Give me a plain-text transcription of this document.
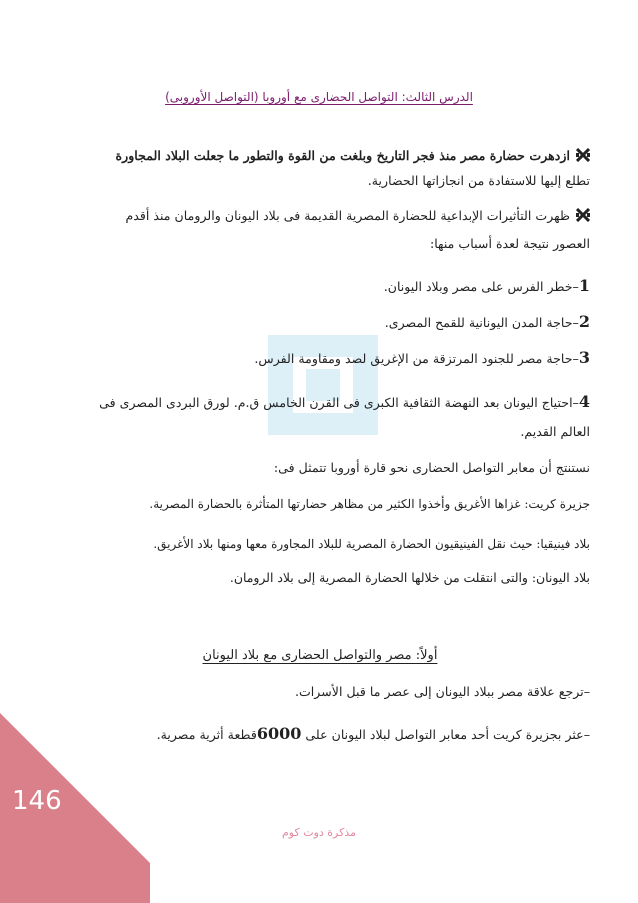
الدرس الثالث: التواصل الحضارى مع أوروبا (التواصل الأوروبى)
ازدهرت حضارة مصر منذ فجر التاريخ وبلغت من القوة والتطور ما جعلت البلاد المجاورة
تطلع إليها للاستفادة من انجازاتها الحضارية.
ظهرت التأثيرات الإبداعية للحضارة المصرية القديمة فى بلاد اليونان والرومان منذ أقدم
العصور نتيجة لعدة أسباب منها:
1–خطر الفرس على مصر وبلاد اليونان.
2–حاجة المدن اليونانية للقمح المصرى.
3–حاجة مصر للجنود المرتزقة من الإغريق لصد ومقاومة الفرس.
4–احتياج اليونان بعد النهضة الثقافية الكبرى فى القرن الخامس ق.م. لورق البردى المصرى فى
العالم القديم.
نستنتج أن معابر التواصل الحضارى نحو قارة أوروبا تتمثل فى:
جزيرة كريت: غزاها الأغريق وأخذوا الكثير من مظاهر حضارتها المتأثرة بالحضارة المصرية.
بلاد فينيقيا: حيث نقل الفينيقيون الحضارة المصرية للبلاد المجاورة معها ومنها بلاد الأغريق.
بلاد اليونان: والتى انتقلت من خلالها الحضارة المصرية إلى بلاد الرومان.
أولاً: مصر والتواصل الحضارى مع بلاد اليونان
–ترجع علاقة مصر ببلاد اليونان إلى عصر ما قبل الأسرات.
–عثر بجزيرة كريت أحد معابر التواصل لبلاد اليونان على 6000قطعة أثرية مصرية.
146
مذكرة دوت كوم
